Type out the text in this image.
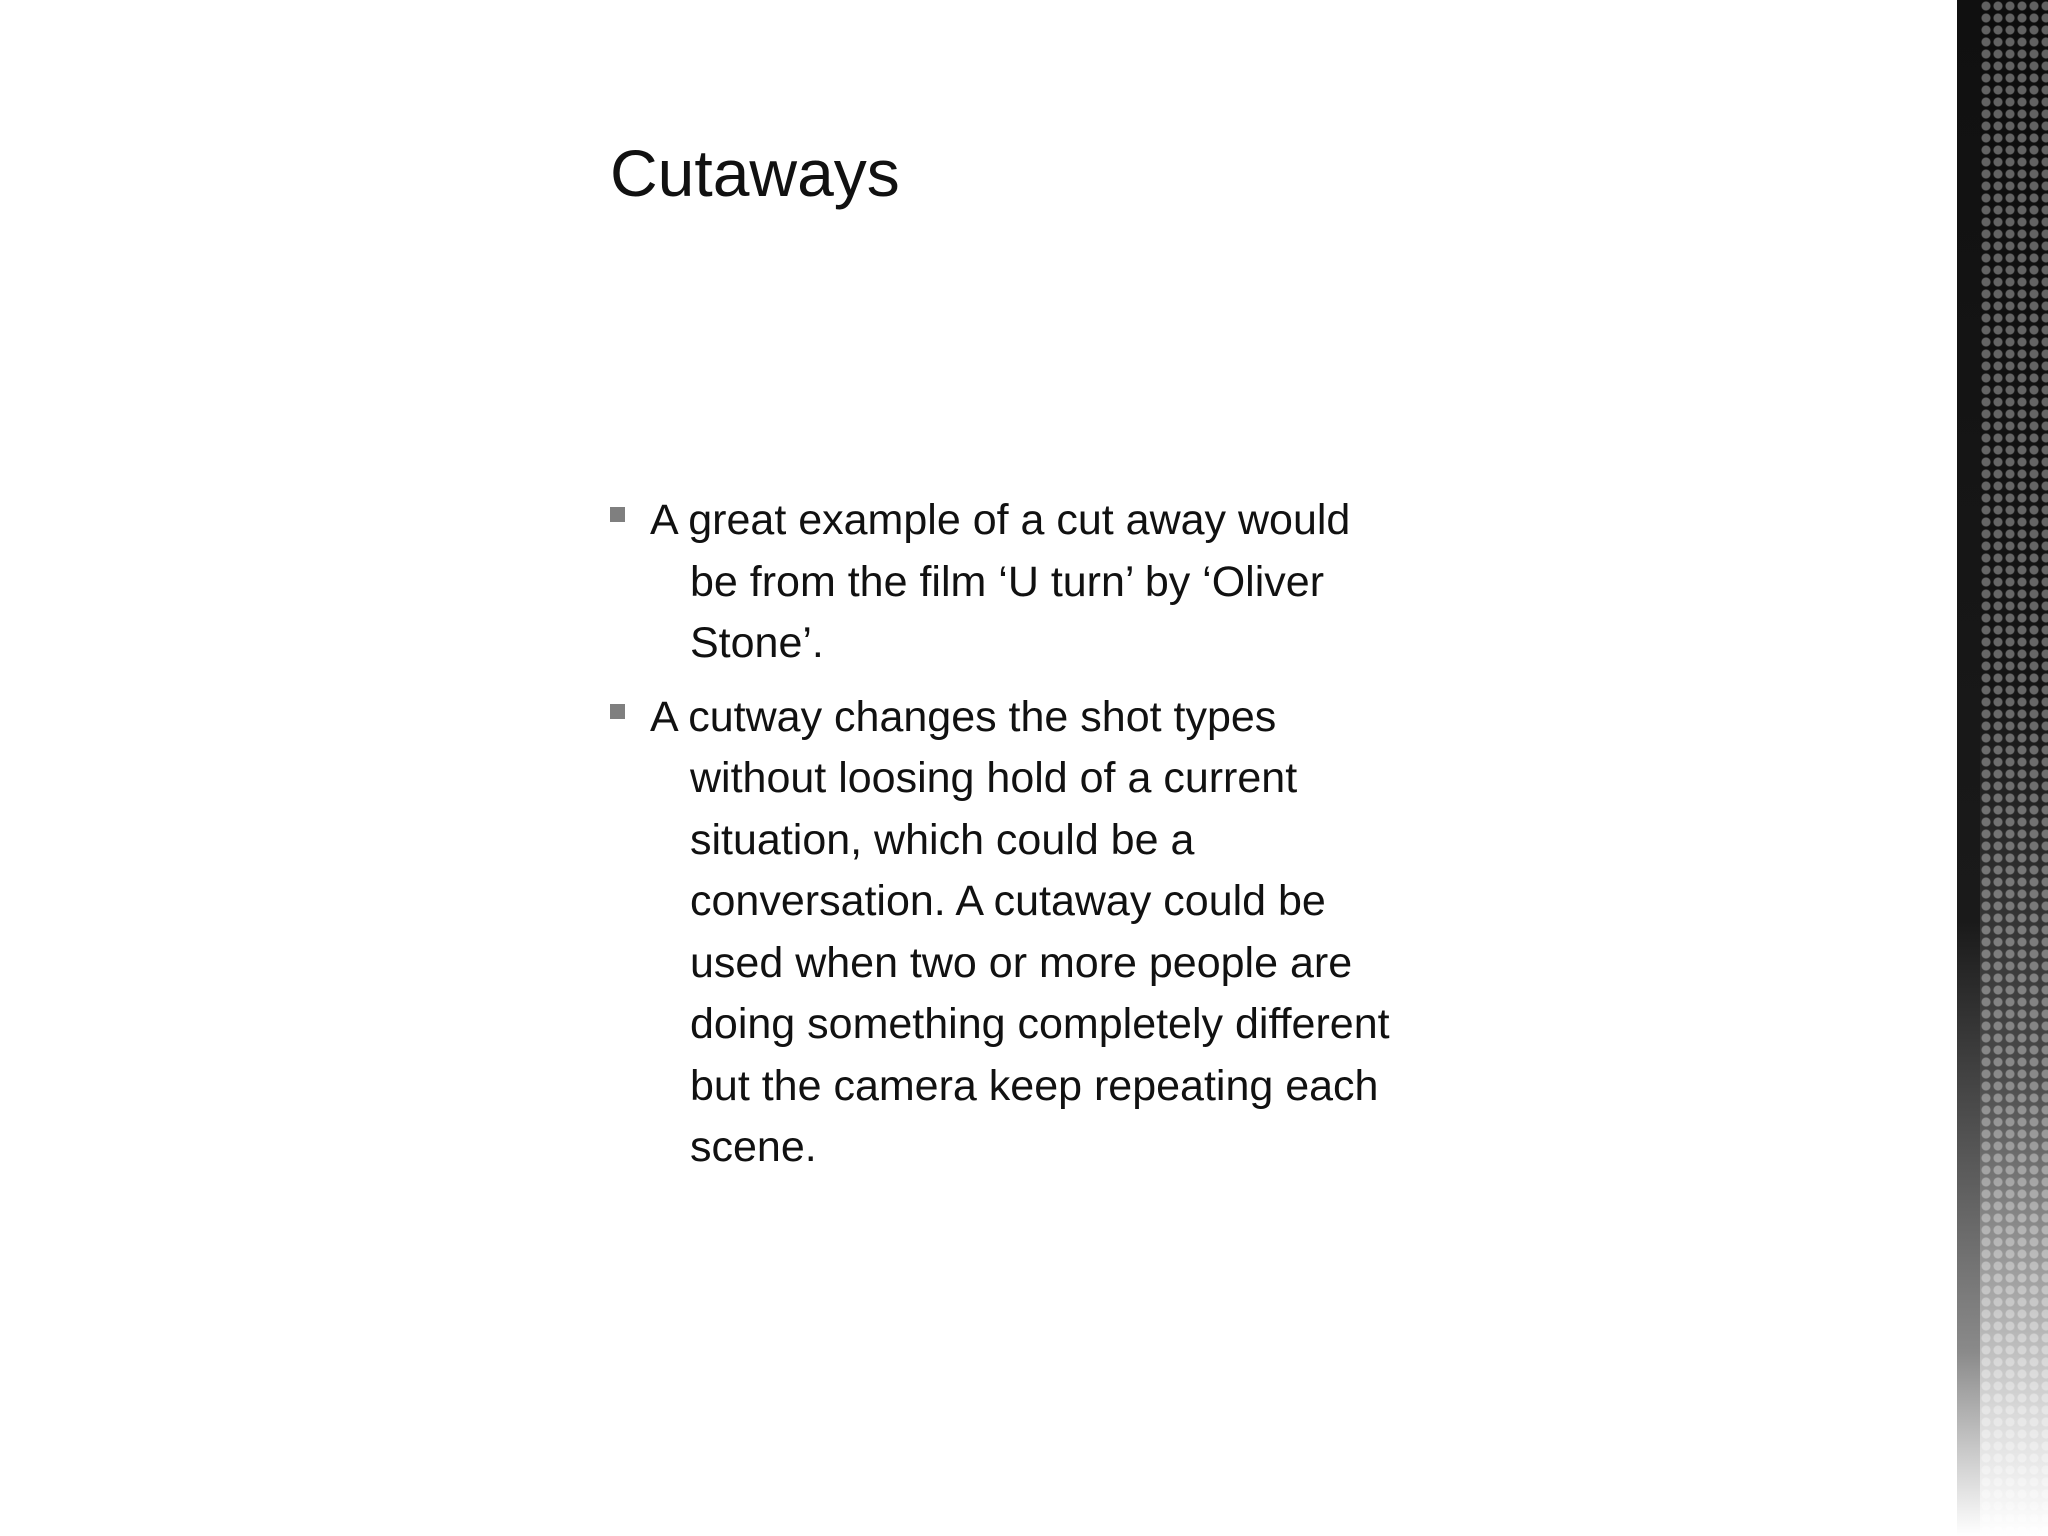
Cutaways
A great example of a cut away would be from the film ‘U turn’ by ‘Oliver Stone’.
A cutway changes the shot types without loosing hold of a current situation, which could be a conversation. A cutaway could be used when two or more people are doing something completely different but the camera keep repeating each scene.
